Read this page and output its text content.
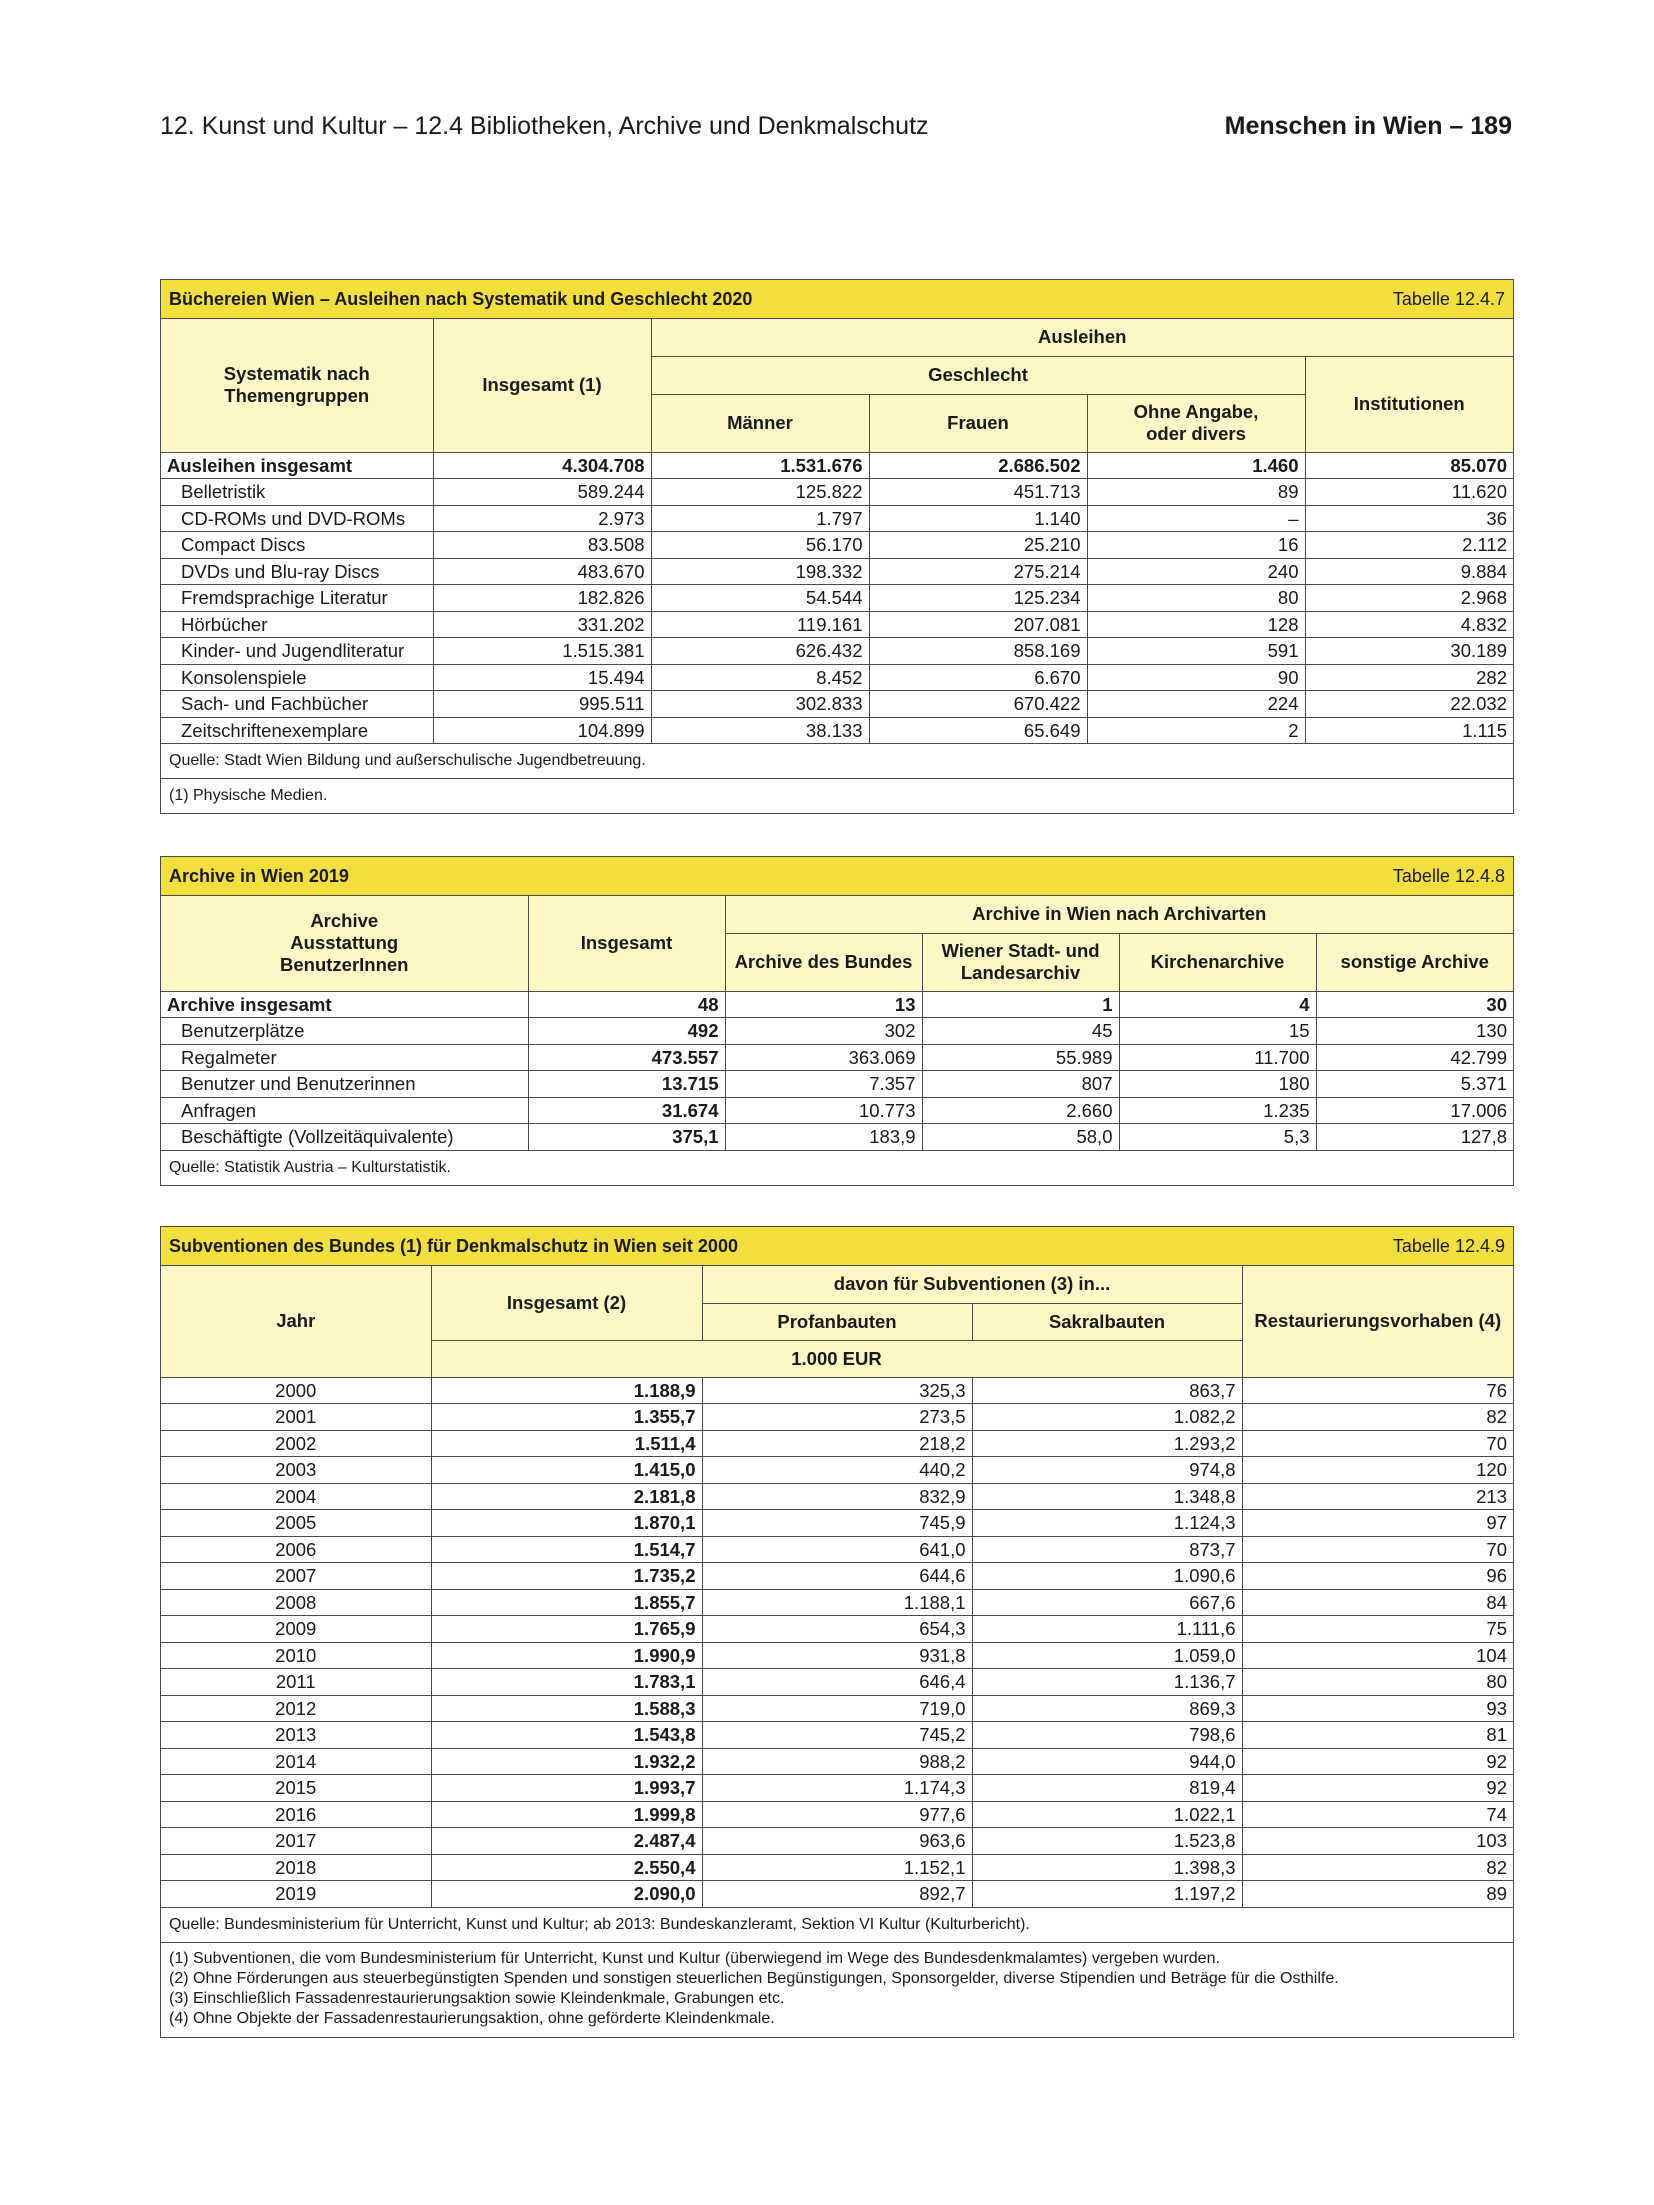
12. Kunst und Kultur – 12.4 Bibliotheken, Archive und Denkmalschutz	Menschen in Wien – 189
Büchereien Wien – Ausleihen nach Systematik und Geschlecht 2020	Tabelle 12.4.7
Systematik nach Themengruppen	Insgesamt (1)	Ausleihen			
		Geschlecht			Institutionen
		Männer	Frauen	Ohne Angabe, oder divers	
Ausleihen insgesamt	4.304.708	1.531.676	2.686.502	1.460	85.070
Belletristik	589.244	125.822	451.713	89	11.620
CD-ROMs und DVD-ROMs	2.973	1.797	1.140	–	36
Compact Discs	83.508	56.170	25.210	16	2.112
DVDs und Blu-ray Discs	483.670	198.332	275.214	240	9.884
Fremdsprachige Literatur	182.826	54.544	125.234	80	2.968
Hörbücher	331.202	119.161	207.081	128	4.832
Kinder- und Jugendliteratur	1.515.381	626.432	858.169	591	30.189
Konsolenspiele	15.494	8.452	6.670	90	282
Sach- und Fachbücher	995.511	302.833	670.422	224	22.032
Zeitschriftenexemplare	104.899	38.133	65.649	2	1.115
Quelle: Stadt Wien Bildung und außerschulische Jugendbetreuung.
(1) Physische Medien.
Archive in Wien 2019	Tabelle 12.4.8
Archive Ausstattung BenutzerInnen	Insgesamt	Archive in Wien nach Archivarten			
		Archive des Bundes	Wiener Stadt- und Landesarchiv	Kirchenarchive	sonstige Archive
Archive insgesamt	48	13	1	4	30
Benutzerplätze	492	302	45	15	130
Regalmeter	473.557	363.069	55.989	11.700	42.799
Benutzer und Benutzerinnen	13.715	7.357	807	180	5.371
Anfragen	31.674	10.773	2.660	1.235	17.006
Beschäftigte (Vollzeitäquivalente)	375,1	183,9	58,0	5,3	127,8
Quelle: Statistik Austria – Kulturstatistik.
Subventionen des Bundes (1) für Denkmalschutz in Wien seit 2000	Tabelle 12.4.9
Jahr	Insgesamt (2)	davon für Subventionen (3) in...		Restaurierungsvorhaben (4)
		Profanbauten	Sakralbauten	
	1.000 EUR			
2000	1.188,9	325,3	863,7	76
2001	1.355,7	273,5	1.082,2	82
2002	1.511,4	218,2	1.293,2	70
2003	1.415,0	440,2	974,8	120
2004	2.181,8	832,9	1.348,8	213
2005	1.870,1	745,9	1.124,3	97
2006	1.514,7	641,0	873,7	70
2007	1.735,2	644,6	1.090,6	96
2008	1.855,7	1.188,1	667,6	84
2009	1.765,9	654,3	1.111,6	75
2010	1.990,9	931,8	1.059,0	104
2011	1.783,1	646,4	1.136,7	80
2012	1.588,3	719,0	869,3	93
2013	1.543,8	745,2	798,6	81
2014	1.932,2	988,2	944,0	92
2015	1.993,7	1.174,3	819,4	92
2016	1.999,8	977,6	1.022,1	74
2017	2.487,4	963,6	1.523,8	103
2018	2.550,4	1.152,1	1.398,3	82
2019	2.090,0	892,7	1.197,2	89
Quelle: Bundesministerium für Unterricht, Kunst und Kultur; ab 2013: Bundeskanzleramt, Sektion VI Kultur (Kulturbericht).
(1) Subventionen, die vom Bundesministerium für Unterricht, Kunst und Kultur (überwiegend im Wege des Bundesdenkmalamtes) vergeben wurden.
(2) Ohne Förderungen aus steuerbegünstigten Spenden und sonstigen steuerlichen Begünstigungen, Sponsorgelder, diverse Stipendien und Beträge für die Osthilfe.
(3) Einschließlich Fassadenrestaurierungsaktion sowie Kleindenkmale, Grabungen etc.
(4) Ohne Objekte der Fassadenrestaurierungsaktion, ohne geförderte Kleindenkmale.
